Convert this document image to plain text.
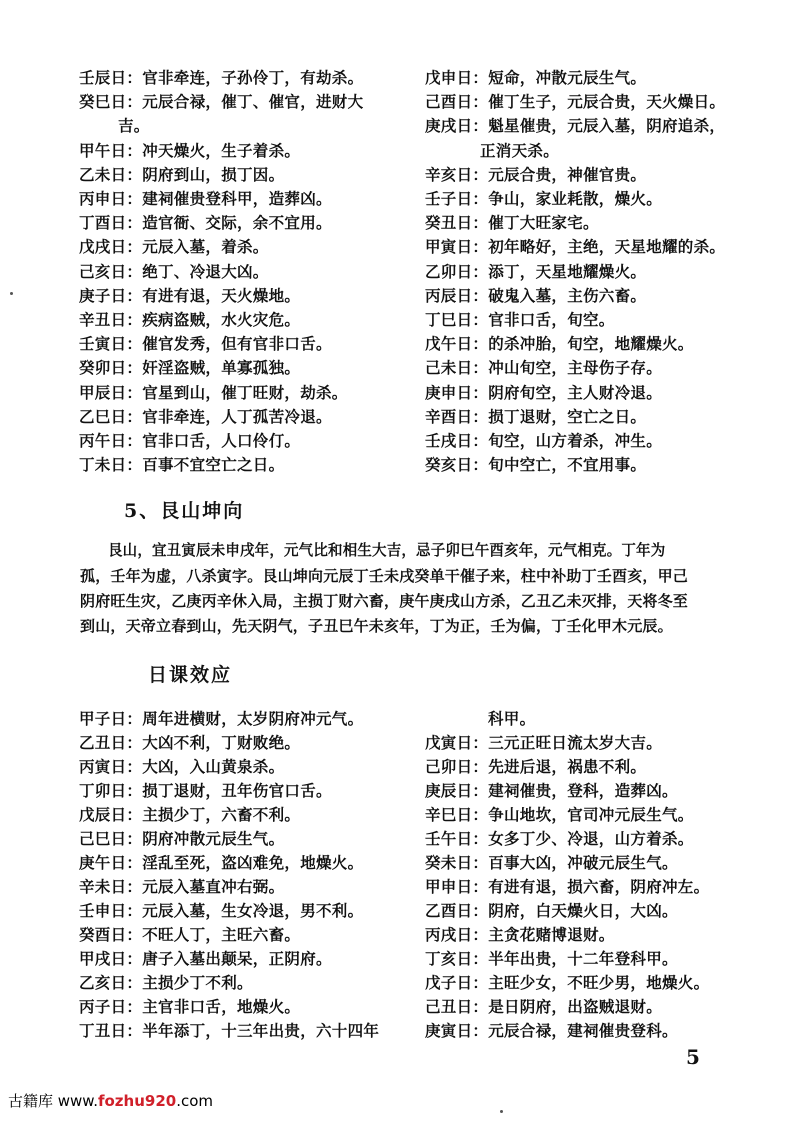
壬辰日：官非牵连，子孙伶丁，有劫杀。
癸巳日：元辰合禄，催丁、催官，进财大
吉。
甲午日：冲天燥火，生子着杀。
乙未日：阴府到山，损丁因。
丙申日：建祠催贵登科甲，造葬凶。
丁酉日：造官衙、交际，余不宜用。
戊戌日：元辰入墓，着杀。
己亥日：绝丁、冷退大凶。
庚子日：有进有退，天火燥地。
辛丑日：疾病盗贼，水火灾危。
壬寅日：催官发秀，但有官非口舌。
癸卯日：奸淫盗贼，单寡孤独。
甲辰日：官星到山，催丁旺财，劫杀。
乙巳日：官非牵连，人丁孤苦冷退。
丙午日：官非口舌，人口伶仃。
丁未日：百事不宜空亡之日。
戊申日：短命，冲散元辰生气。
己酉日：催丁生子，元辰合贵，天火燥日。
庚戌日：魁星催贵，元辰入墓，阴府追杀，
正消天杀。
辛亥日：元辰合贵，神催官贵。
壬子日：争山，家业耗散，燥火。
癸丑日：催丁大旺家宅。
甲寅日：初年略好，主绝，天星地耀的杀。
乙卯日：添丁，天星地耀燥火。
丙辰日：破鬼入墓，主伤六畜。
丁巳日：官非口舌，旬空。
戊午日：的杀冲胎，旬空，地耀燥火。
己未日：冲山旬空，主母伤子存。
庚申日：阴府旬空，主人财冷退。
辛酉日：损丁退财，空亡之日。
壬戌日：旬空，山方着杀，冲生。
癸亥日：旬中空亡，不宜用事。
5、艮山坤向
艮山，宜丑寅辰未申戌年，元气比和相生大吉，忌子卯巳午酉亥年，元气相克。丁年为
孤，壬年为虚，八杀寅字。艮山坤向元辰丁壬未戌癸单干催子来，柱中补助丁壬酉亥，甲己
阴府旺生灾，乙庚丙辛休入局，主损丁财六畜，庚午庚戌山方杀，乙丑乙未灭排，天将冬至
到山，天帝立春到山，先天阴气，子丑巳午未亥年，丁为正，壬为偏，丁壬化甲木元辰。
日课效应
甲子日：周年进横财，太岁阴府冲元气。
乙丑日：大凶不利，丁财败绝。
丙寅日：大凶，入山黄泉杀。
丁卯日：损丁退财，丑年伤官口舌。
戊辰日：主损少丁，六畜不利。
己巳日：阴府冲散元辰生气。
庚午日：淫乱至死，盗凶难免，地燥火。
辛未日：元辰入墓直冲右弼。
壬申日：元辰入墓，生女冷退，男不利。
癸酉日：不旺人丁，主旺六畜。
甲戌日：唐子入墓出颠呆，正阴府。
乙亥日：主损少丁不利。
丙子日：主官非口舌，地燥火。
丁丑日：半年添丁，十三年出贵，六十四年
科甲。
戊寅日：三元正旺日流太岁大吉。
己卯日：先进后退，祸患不利。
庚辰日：建祠催贵，登科，造葬凶。
辛巳日：争山地坎，官司冲元辰生气。
壬午日：女多丁少、冷退，山方着杀。
癸未日：百事大凶，冲破元辰生气。
甲申日：有进有退，损六畜，阴府冲左。
乙酉日：阴府，白天燥火日，大凶。
丙戌日：主贪花赌博退财。
丁亥日：半年出贵，十二年登科甲。
戊子日：主旺少女，不旺少男，地燥火。
己丑日：是日阴府，出盗贼退财。
庚寅日：元辰合禄，建祠催贵登科。
5
古籍库 www.fozhu920.com
